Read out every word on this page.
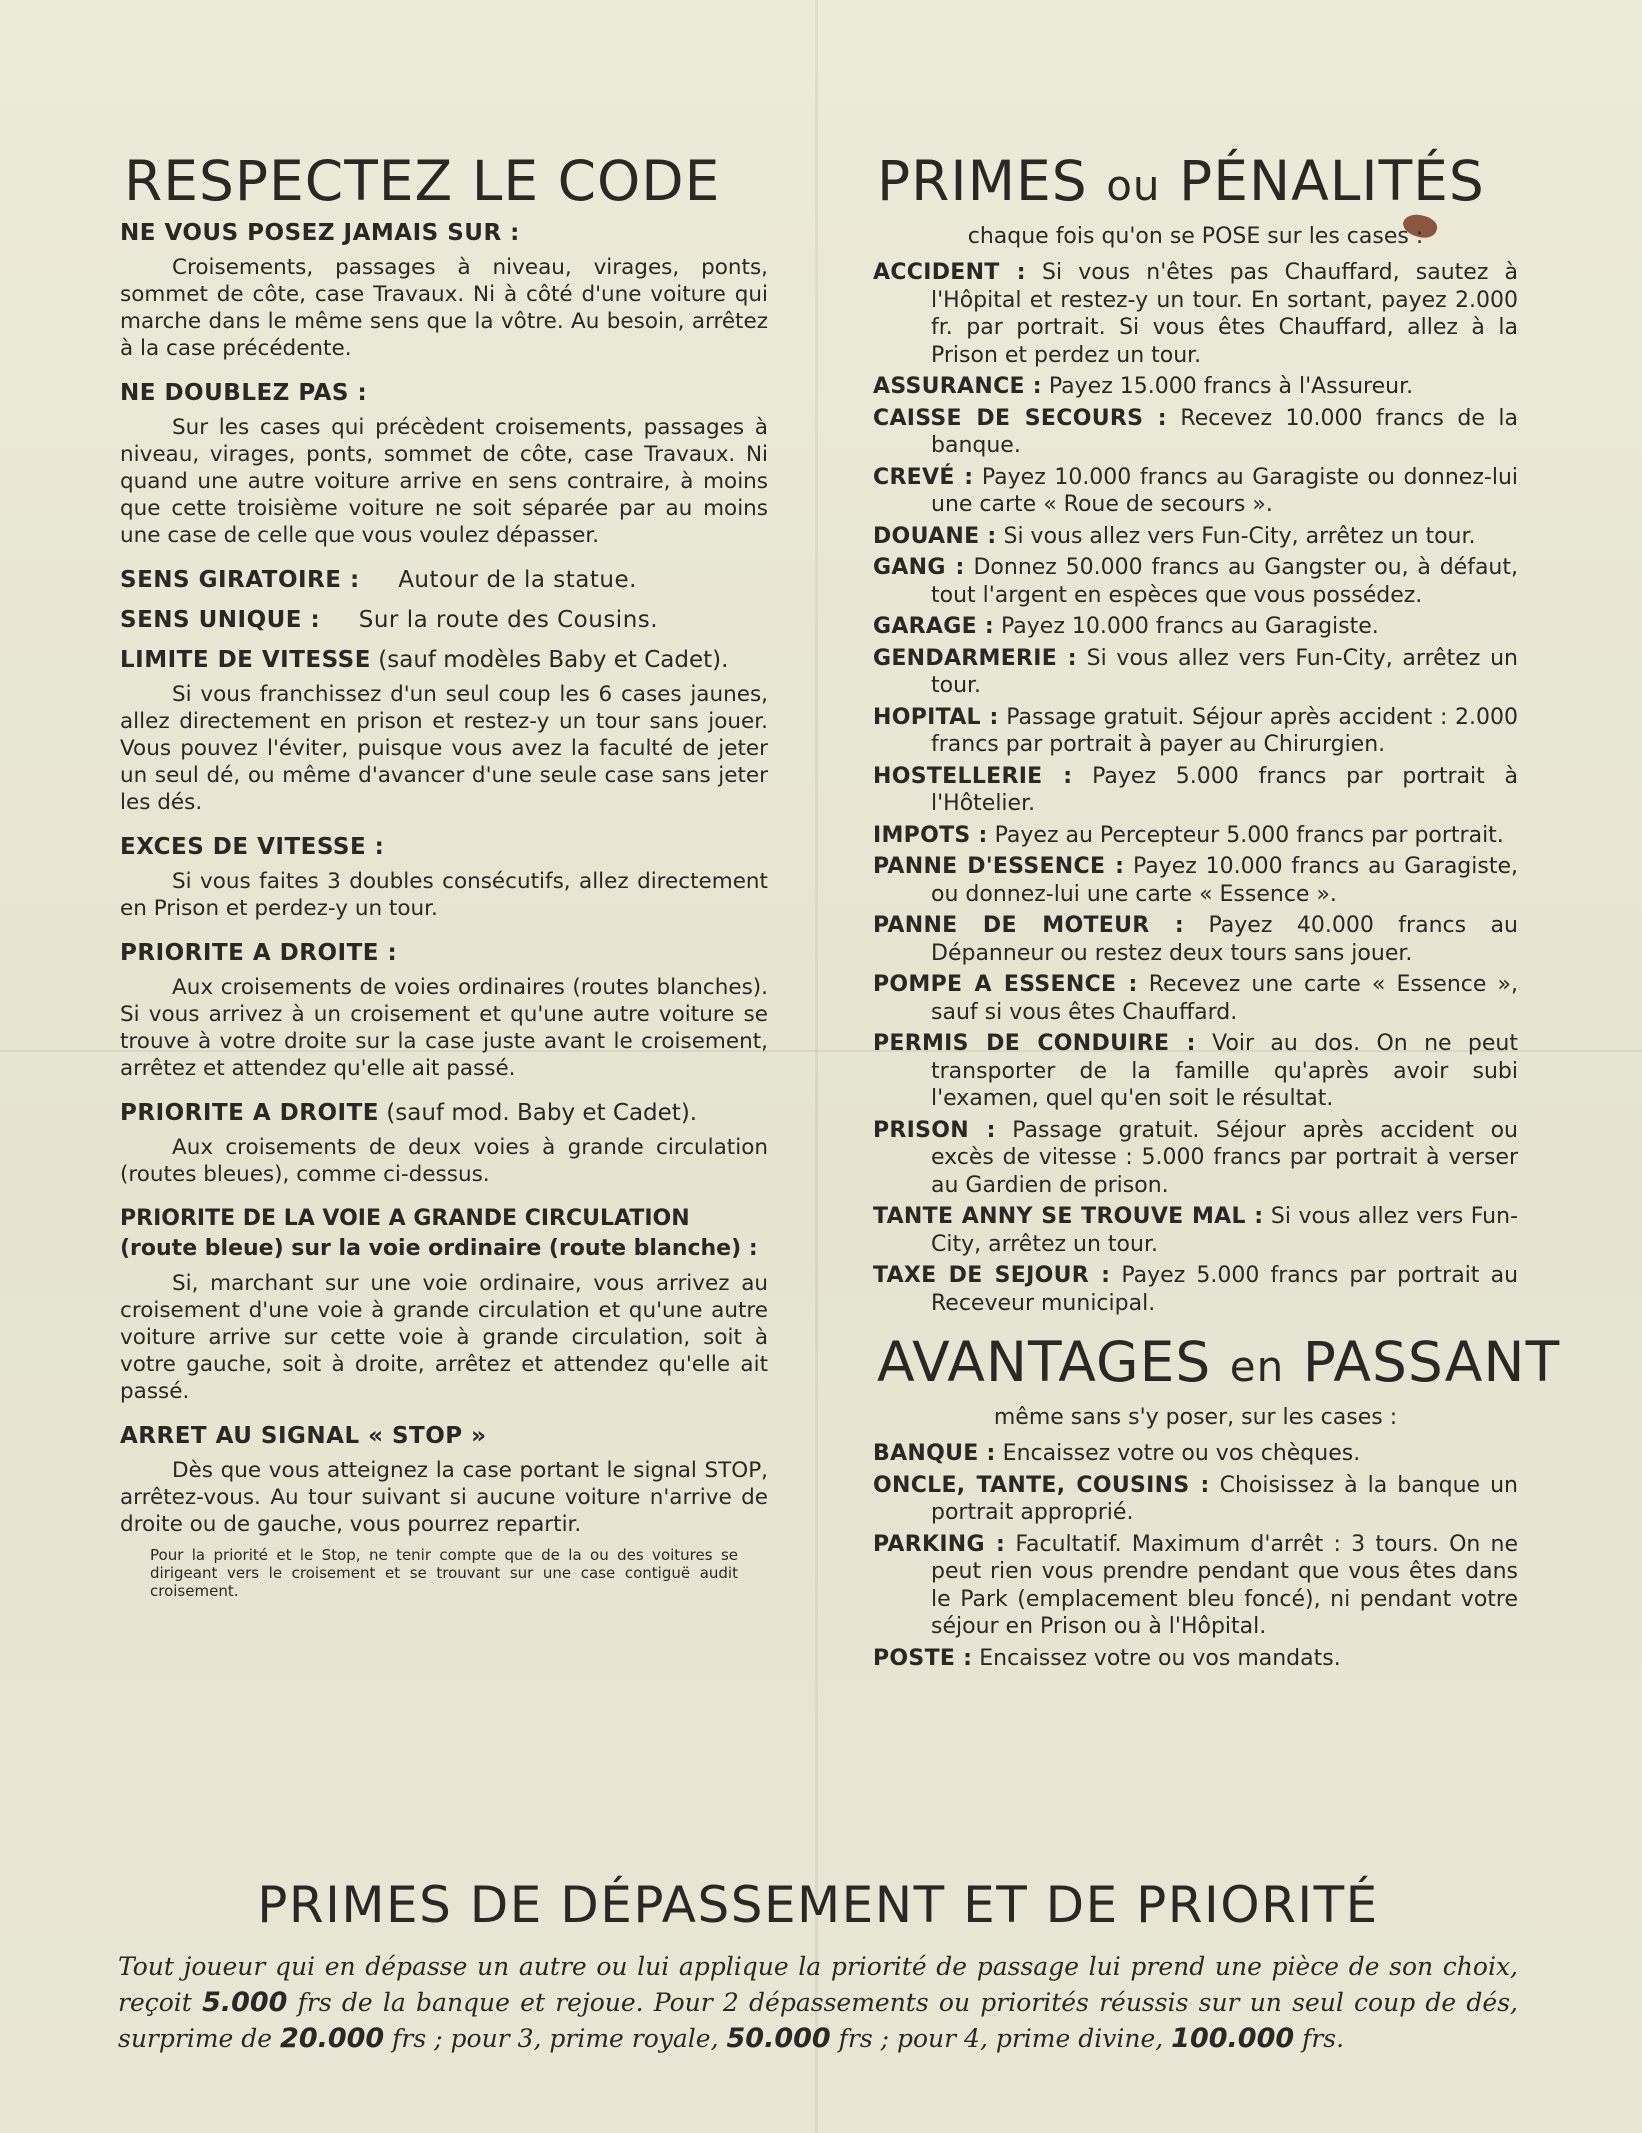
RESPECTEZ LE CODE

NE VOUS POSEZ JAMAIS SUR :

Croisements, passages à niveau, virages, ponts, sommet de côte, case Travaux. Ni à côté d'une voiture qui marche dans le même sens que la vôtre. Au besoin, arrêtez à la case précédente.

NE DOUBLEZ PAS :

Sur les cases qui précèdent croisements, passages à niveau, virages, ponts, sommet de côte, case Travaux. Ni quand une autre voiture arrive en sens contraire, à moins que cette troisième voiture ne soit séparée par au moins une case de celle que vous voulez dépasser.

SENS GIRATOIRE : Autour de la statue.

SENS UNIQUE : Sur la route des Cousins.

LIMITE DE VITESSE (sauf modèles Baby et Cadet).

Si vous franchissez d'un seul coup les 6 cases jaunes, allez directement en prison et restez-y un tour sans jouer. Vous pouvez l'éviter, puisque vous avez la faculté de jeter un seul dé, ou même d'avancer d'une seule case sans jeter les dés.

EXCES DE VITESSE :

Si vous faites 3 doubles consécutifs, allez directement en Prison et perdez-y un tour.

PRIORITE A DROITE :

Aux croisements de voies ordinaires (routes blanches). Si vous arrivez à un croisement et qu'une autre voiture se trouve à votre droite sur la case juste avant le croisement, arrêtez et attendez qu'elle ait passé.

PRIORITE A DROITE (sauf mod. Baby et Cadet).

Aux croisements de deux voies à grande circulation (routes bleues), comme ci-dessus.

PRIORITE DE LA VOIE A GRANDE CIRCULATION (route bleue) sur la voie ordinaire (route blanche) :

Si, marchant sur une voie ordinaire, vous arrivez au croisement d'une voie à grande circulation et qu'une autre voiture arrive sur cette voie à grande circulation, soit à votre gauche, soit à droite, arrêtez et attendez qu'elle ait passé.

ARRET AU SIGNAL « STOP »

Dès que vous atteignez la case portant le signal STOP, arrêtez-vous. Au tour suivant si aucune voiture n'arrive de droite ou de gauche, vous pourrez repartir.

Pour la priorité et le Stop, ne tenir compte que de la ou des voitures se dirigeant vers le croisement et se trouvant sur une case contiguë audit croisement.

PRIMES ou PÉNALITÉS

chaque fois qu'on se POSE sur les cases :

ACCIDENT : Si vous n'êtes pas Chauffard, sautez à l'Hôpital et restez-y un tour. En sortant, payez 2.000 fr. par portrait. Si vous êtes Chauffard, allez à la Prison et perdez un tour.

ASSURANCE : Payez 15.000 francs à l'Assureur.

CAISSE DE SECOURS : Recevez 10.000 francs de la banque.

CREVÉ : Payez 10.000 francs au Garagiste ou donnez-lui une carte « Roue de secours ».

DOUANE : Si vous allez vers Fun-City, arrêtez un tour.

GANG : Donnez 50.000 francs au Gangster ou, à défaut, tout l'argent en espèces que vous possédez.

GARAGE : Payez 10.000 francs au Garagiste.

GENDARMERIE : Si vous allez vers Fun-City, arrêtez un tour.

HOPITAL : Passage gratuit. Séjour après accident : 2.000 francs par portrait à payer au Chirurgien.

HOSTELLERIE : Payez 5.000 francs par portrait à l'Hôtelier.

IMPOTS : Payez au Percepteur 5.000 francs par portrait.

PANNE D'ESSENCE : Payez 10.000 francs au Garagiste, ou donnez-lui une carte « Essence ».

PANNE DE MOTEUR : Payez 40.000 francs au Dépanneur ou restez deux tours sans jouer.

POMPE A ESSENCE : Recevez une carte « Essence », sauf si vous êtes Chauffard.

PERMIS DE CONDUIRE : Voir au dos. On ne peut transporter de la famille qu'après avoir subi l'examen, quel qu'en soit le résultat.

PRISON : Passage gratuit. Séjour après accident ou excès de vitesse : 5.000 francs par portrait à verser au Gardien de prison.

TANTE ANNY SE TROUVE MAL : Si vous allez vers Fun-City, arrêtez un tour.

TAXE DE SEJOUR : Payez 5.000 francs par portrait au Receveur municipal.

AVANTAGES en PASSANT

même sans s'y poser, sur les cases :

BANQUE : Encaissez votre ou vos chèques.

ONCLE, TANTE, COUSINS : Choisissez à la banque un portrait approprié.

PARKING : Facultatif. Maximum d'arrêt : 3 tours. On ne peut rien vous prendre pendant que vous êtes dans le Park (emplacement bleu foncé), ni pendant votre séjour en Prison ou à l'Hôpital.

POSTE : Encaissez votre ou vos mandats.

PRIMES DE DÉPASSEMENT ET DE PRIORITÉ

Tout joueur qui en dépasse un autre ou lui applique la priorité de passage lui prend une pièce de son choix, reçoit 5.000 frs de la banque et rejoue. Pour 2 dépassements ou priorités réussis sur un seul coup de dés, surprime de 20.000 frs ; pour 3, prime royale, 50.000 frs ; pour 4, prime divine, 100.000 frs.
